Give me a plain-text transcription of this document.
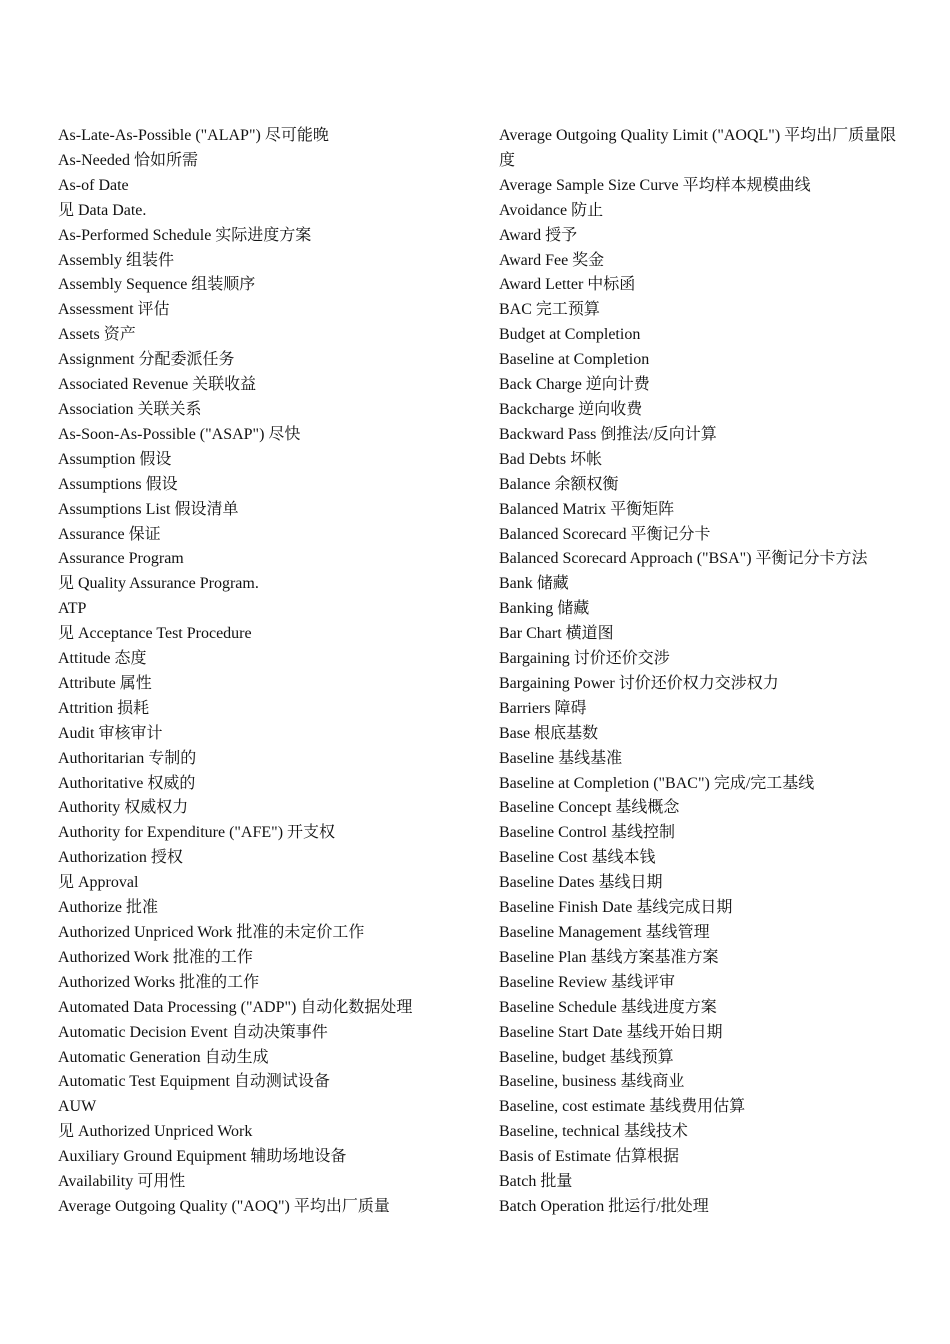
As-Late-As-Possible ("ALAP") 尽可能晚
As-Needed 恰如所需
As-of Date
见 Data Date.
As-Performed Schedule 实际进度方案
Assembly 组装件
Assembly Sequence 组装顺序
Assessment 评估
Assets 资产
Assignment 分配委派任务
Associated Revenue 关联收益
Association 关联关系
As-Soon-As-Possible ("ASAP") 尽快
Assumption 假设
Assumptions 假设
Assumptions List 假设清单
Assurance 保证
Assurance Program
见 Quality Assurance Program.
ATP
见 Acceptance Test Procedure
Attitude 态度
Attribute 属性
Attrition 损耗
Audit 审核审计
Authoritarian 专制的
Authoritative 权威的
Authority 权威权力
Authority for Expenditure ("AFE") 开支权
Authorization 授权
见 Approval
Authorize 批准
Authorized Unpriced Work 批准的未定价工作
Authorized Work 批准的工作
Authorized Works 批准的工作
Automated Data Processing ("ADP") 自动化数据处理
Automatic Decision Event 自动决策事件
Automatic Generation 自动生成
Automatic Test Equipment 自动测试设备
AUW
见 Authorized Unpriced Work
Auxiliary Ground Equipment 辅助场地设备
Availability 可用性
Average Outgoing Quality ("AOQ") 平均出厂质量
Average Outgoing Quality Limit ("AOQL") 平均出厂质量限度
Average Sample Size Curve 平均样本规模曲线
Avoidance 防止
Award 授予
Award Fee 奖金
Award Letter 中标函
BAC 完工预算
Budget at Completion
Baseline at Completion
Back Charge 逆向计费
Backcharge 逆向收费
Backward Pass 倒推法/反向计算
Bad Debts 坏帐
Balance 余额权衡
Balanced Matrix 平衡矩阵
Balanced Scorecard 平衡记分卡
Balanced Scorecard Approach ("BSA") 平衡记分卡方法
Bank 储藏
Banking 储藏
Bar Chart 横道图
Bargaining 讨价还价交涉
Bargaining Power 讨价还价权力交涉权力
Barriers 障碍
Base 根底基数
Baseline 基线基准
Baseline at Completion ("BAC") 完成/完工基线
Baseline Concept 基线概念
Baseline Control 基线控制
Baseline Cost 基线本钱
Baseline Dates 基线日期
Baseline Finish Date 基线完成日期
Baseline Management 基线管理
Baseline Plan 基线方案基准方案
Baseline Review 基线评审
Baseline Schedule 基线进度方案
Baseline Start Date 基线开始日期
Baseline, budget 基线预算
Baseline, business 基线商业
Baseline, cost estimate 基线费用估算
Baseline, technical 基线技术
Basis of Estimate 估算根据
Batch 批量
Batch Operation 批运行/批处理
